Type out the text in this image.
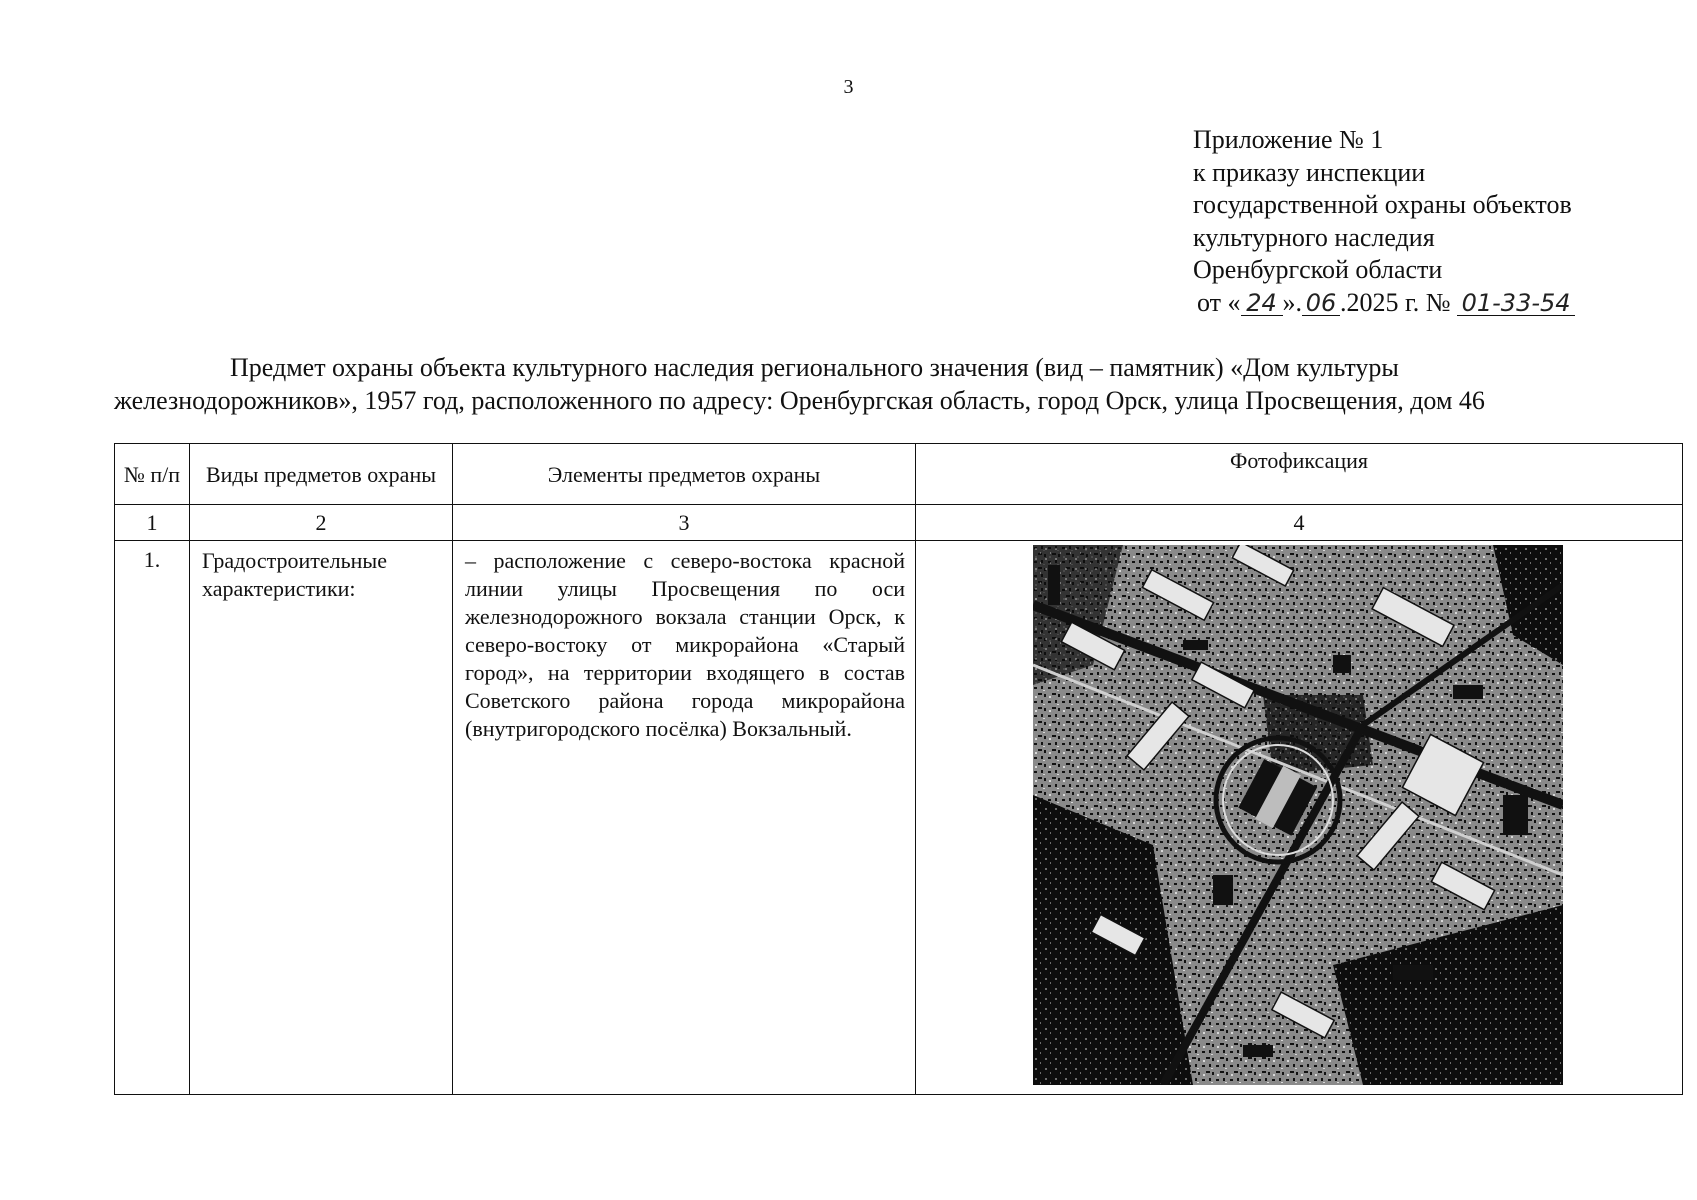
3
Приложение № 1
к приказу инспекции
государственной охраны объектов
культурного наследия
Оренбургской области
от « 24 ». 06 .2025 г. № 01-33-54
Предмет охраны объекта культурного наследия регионального значения (вид – памятник) «Дом культуры
железнодорожников», 1957 год, расположенного по адресу: Оренбургская область, город Орск, улица Просвещения, дом 46
№ п/п	Виды предметов охраны	Элементы предметов охраны	Фотофиксация
1	2	3	4
1.	Градостроительные характеристики:	– расположение с северо-востока красной линии улицы Просвещения по оси железнодорожного вокзала станции Орск, к северо-востоку от микрорайона «Старый город», на территории входящего в состав Советского района города микрорайона (внутригородского посёлка) Вокзальный.	
